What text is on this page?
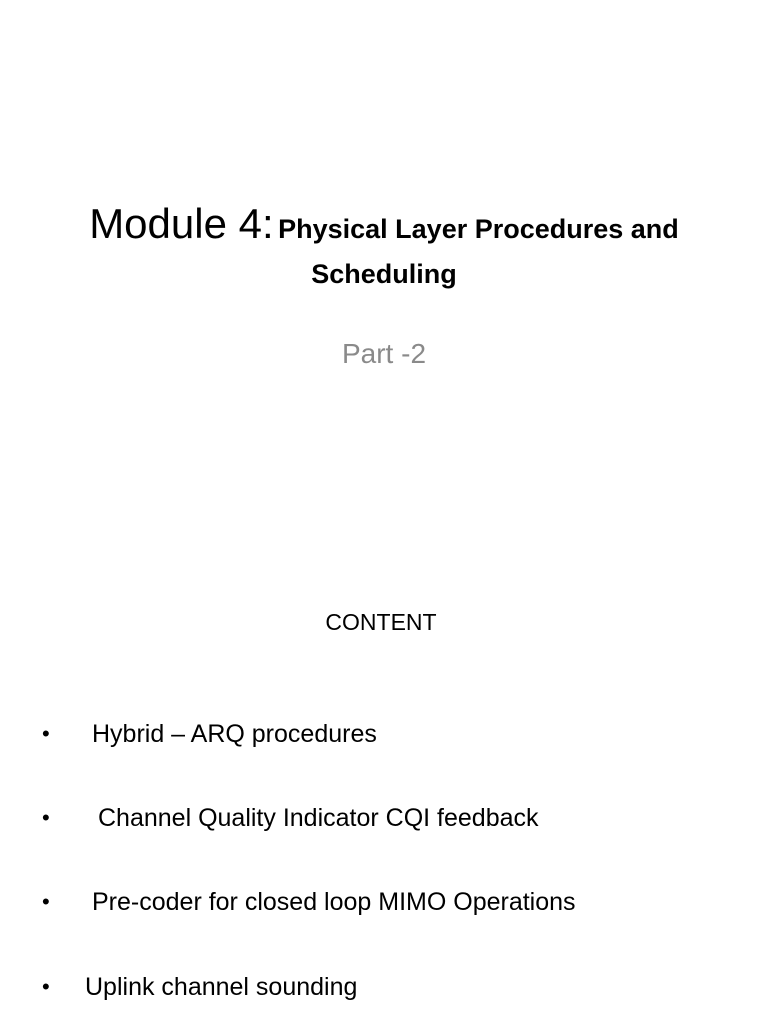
Module 4: Physical Layer Procedures and
Scheduling
Part -2
CONTENT
• Hybrid – ARQ procedures
• Channel Quality Indicator CQI feedback
• Pre-coder for closed loop MIMO Operations
• Uplink channel sounding
